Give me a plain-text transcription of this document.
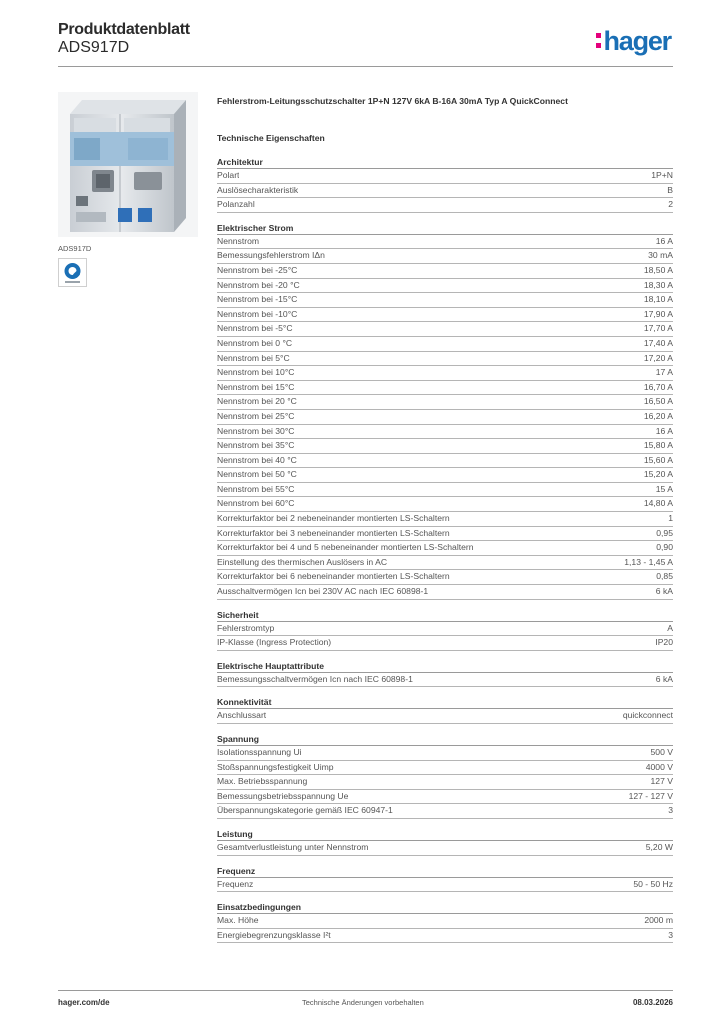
Produktdatenblatt
ADS917D	hager
ADS917D
Fehlerstrom-Leitungsschutzschalter 1P+N 127V 6kA B-16A 30mA Typ A QuickConnect
Technische Eigenschaften
Architektur
Polart	1P+N
Auslösecharakteristik	B
Polanzahl	2
Elektrischer Strom
Nennstrom	16 A
Bemessungsfehlerstrom IΔn	30 mA
Nennstrom bei -25°C	18,50 A
Nennstrom bei -20 °C	18,30 A
Nennstrom bei -15°C	18,10 A
Nennstrom bei -10°C	17,90 A
Nennstrom bei -5°C	17,70 A
Nennstrom bei 0 °C	17,40 A
Nennstrom bei 5°C	17,20 A
Nennstrom bei 10°C	17 A
Nennstrom bei 15°C	16,70 A
Nennstrom bei 20 °C	16,50 A
Nennstrom bei 25°C	16,20 A
Nennstrom bei 30°C	16 A
Nennstrom bei 35°C	15,80 A
Nennstrom bei 40 °C	15,60 A
Nennstrom bei 50 °C	15,20 A
Nennstrom bei 55°C	15 A
Nennstrom bei 60°C	14,80 A
Korrekturfaktor bei 2 nebeneinander montierten LS-Schaltern	1
Korrekturfaktor bei 3 nebeneinander montierten LS-Schaltern	0,95
Korrekturfaktor bei 4 und 5 nebeneinander montierten LS-Schaltern	0,90
Einstellung des thermischen Auslösers in AC	1,13 - 1,45 A
Korrekturfaktor bei 6 nebeneinander montierten LS-Schaltern	0,85
Ausschaltvermögen Icn bei 230V AC nach IEC 60898-1	6 kA
Sicherheit
Fehlerstromtyp	A
IP-Klasse (Ingress Protection)	IP20
Elektrische Hauptattribute
Bemessungsschaltvermögen Icn nach IEC 60898-1	6 kA
Konnektivität
Anschlussart	quickconnect
Spannung
Isolationsspannung Ui	500 V
Stoßspannungsfestigkeit Uimp	4000 V
Max. Betriebsspannung	127 V
Bemessungsbetriebsspannung Ue	127 - 127 V
Überspannungskategorie gemäß IEC 60947-1	3
Leistung
Gesamtverlustleistung unter Nennstrom	5,20 W
Frequenz
Frequenz	50 - 50 Hz
Einsatzbedingungen
Max. Höhe	2000 m
Energiebegrenzungsklasse I²t	3
hager.com/de	Technische Änderungen vorbehalten	08.03.2026
